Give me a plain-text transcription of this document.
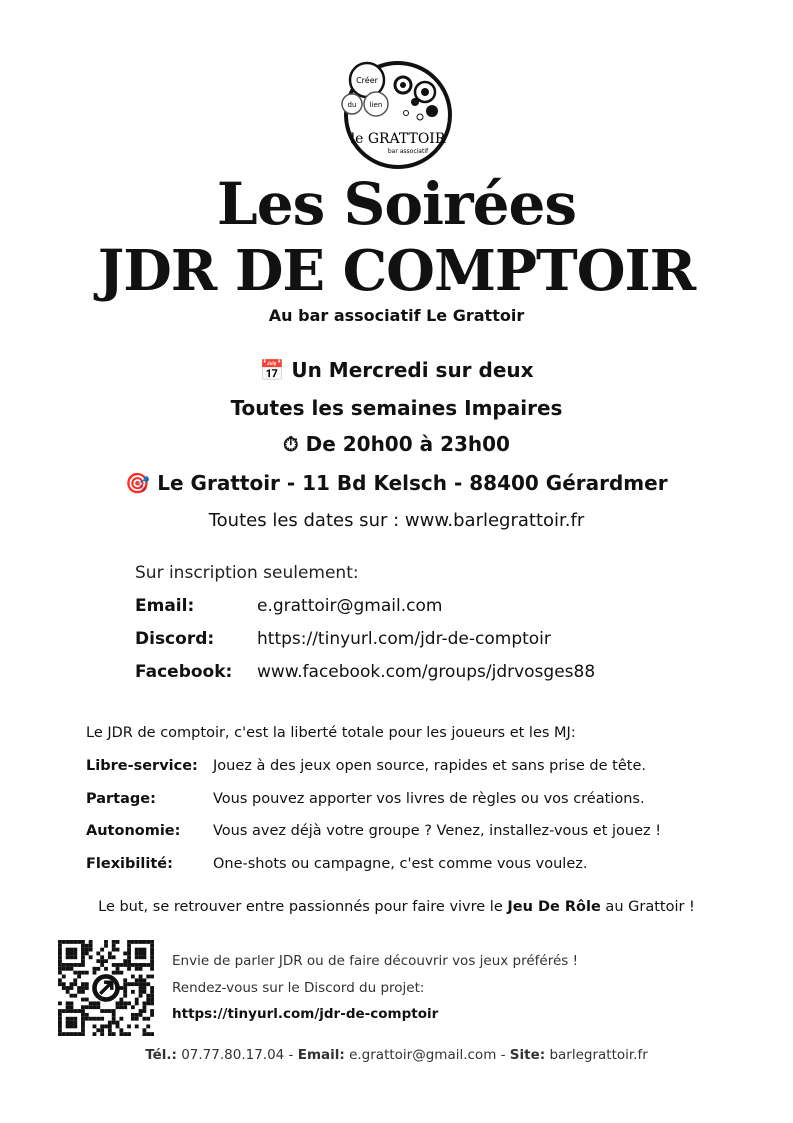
Créer
du lien
le GRATTOIR
bar associatif
Les Soirées
JDR DE COMPTOIR
Au bar associatif Le Grattoir
📅 Un Mercredi sur deux
Toutes les semaines Impaires
⏱ De 20h00 à 23h00
🎯 Le Grattoir - 11 Bd Kelsch - 88400 Gérardmer
Toutes les dates sur : www.barlegrattoir.fr
Sur inscription seulement:
Email:	e.grattoir@gmail.com
Discord:	https://tinyurl.com/jdr-de-comptoir
Facebook: www.facebook.com/groups/jdrvosges88
Le JDR de comptoir, c'est la liberté totale pour les joueurs et les MJ:
Libre-service: Jouez à des jeux open source, rapides et sans prise de tête.
Partage:	Vous pouvez apporter vos livres de règles ou vos créations.
Autonomie: Vous avez déjà votre groupe ? Venez, installez-vous et jouez !
Flexibilité:	One-shots ou campagne, c'est comme vous voulez.
Le but, se retrouver entre passionnés pour faire vivre le Jeu De Rôle au Grattoir !
Envie de parler JDR ou de faire découvrir vos jeux préférés !
Rendez-vous sur le Discord du projet:
https://tinyurl.com/jdr-de-comptoir
Tél.: 07.77.80.17.04 - Email: e.grattoir@gmail.com - Site: barlegrattoir.fr
